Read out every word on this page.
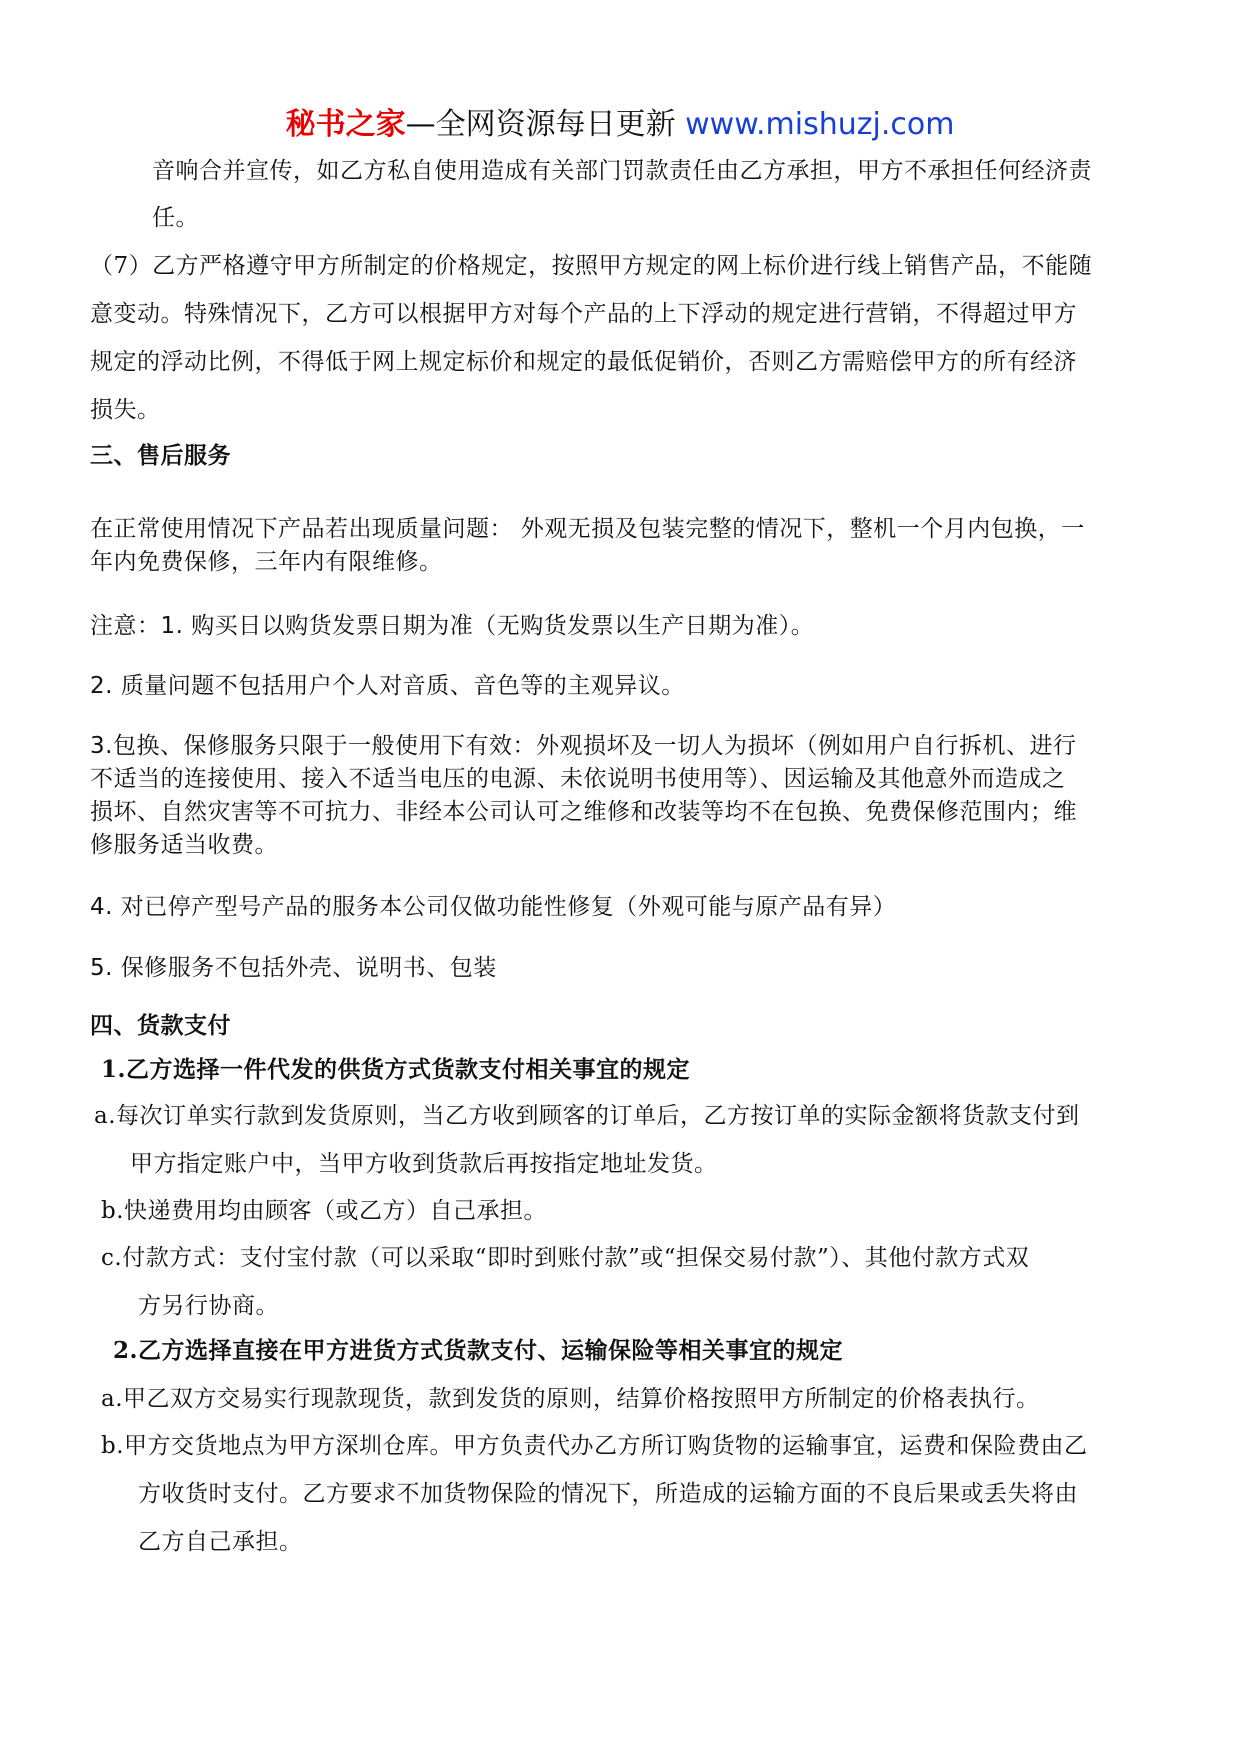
秘书之家—全网资源每日更新 www.mishuzj.com
音响合并宣传，如乙方私自使用造成有关部门罚款责任由乙方承担，甲方不承担任何经济责
任。
（7）乙方严格遵守甲方所制定的价格规定，按照甲方规定的网上标价进行线上销售产品，不能随
意变动。特殊情况下，乙方可以根据甲方对每个产品的上下浮动的规定进行营销，不得超过甲方
规定的浮动比例，不得低于网上规定标价和规定的最低促销价，否则乙方需赔偿甲方的所有经济
损失。
三、售后服务
在正常使用情况下产品若出现质量问题： 外观无损及包装完整的情况下，整机一个月内包换，一
年内免费保修，三年内有限维修。
注意：1. 购买日以购货发票日期为准（无购货发票以生产日期为准）。
2. 质量问题不包括用户个人对音质、音色等的主观异议。
3.包换、保修服务只限于一般使用下有效：外观损坏及一切人为损坏（例如用户自行拆机、进行
不适当的连接使用、接入不适当电压的电源、未依说明书使用等）、因运输及其他意外而造成之
损坏、自然灾害等不可抗力、非经本公司认可之维修和改装等均不在包换、免费保修范围内；维
修服务适当收费。
4. 对已停产型号产品的服务本公司仅做功能性修复（外观可能与原产品有异）
5. 保修服务不包括外壳、说明书、包装
四、货款支付
1.乙方选择一件代发的供货方式货款支付相关事宜的规定
a.每次订单实行款到发货原则，当乙方收到顾客的订单后，乙方按订单的实际金额将货款支付到
甲方指定账户中，当甲方收到货款后再按指定地址发货。
b.快递费用均由顾客（或乙方）自己承担。
c.付款方式：支付宝付款（可以采取“即时到账付款”或“担保交易付款”）、其他付款方式双
方另行协商。
2.乙方选择直接在甲方进货方式货款支付、运输保险等相关事宜的规定
a.甲乙双方交易实行现款现货，款到发货的原则，结算价格按照甲方所制定的价格表执行。
b.甲方交货地点为甲方深圳仓库。甲方负责代办乙方所订购货物的运输事宜，运费和保险费由乙
方收货时支付。乙方要求不加货物保险的情况下，所造成的运输方面的不良后果或丢失将由
乙方自己承担。
